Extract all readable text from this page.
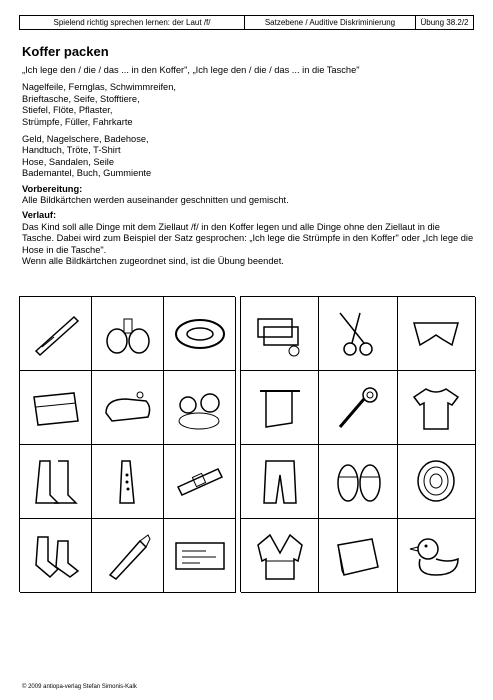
Spielend richtig sprechen lernen: der Laut /f/	Satzebene / Auditive Diskriminierung	Übung 38.2/2
Koffer packen
„Ich lege den / die / das ... in den Koffer", „Ich lege den / die / das ... in die Tasche"
Nagelfeile, Fernglas, Schwimmreifen,
Brieftasche, Seife, Stofftiere,
Stiefel, Flöte, Pflaster,
Strümpfe, Füller, Fahrkarte
Geld, Nagelschere, Badehose,
Handtuch, Tröte, T-Shirt
Hose, Sandalen, Seile
Bademantel, Buch, Gummiente
Vorbereitung:
Alle Bildkärtchen werden auseinander geschnitten und gemischt.
Verlauf:
Das Kind soll alle Dinge mit dem Ziellaut /f/ in den Koffer legen und alle Dinge ohne den Ziellaut in die Tasche. Dabei wird zum Beispiel der Satz gesprochen: „Ich lege die Strümpfe in den Koffer" oder „Ich lege die Hose in die Tasche".
Wenn alle Bildkärtchen zugeordnet sind, ist die Übung beendet.
© 2009 antiopa-verlag Stefan Simonis-Kalk
